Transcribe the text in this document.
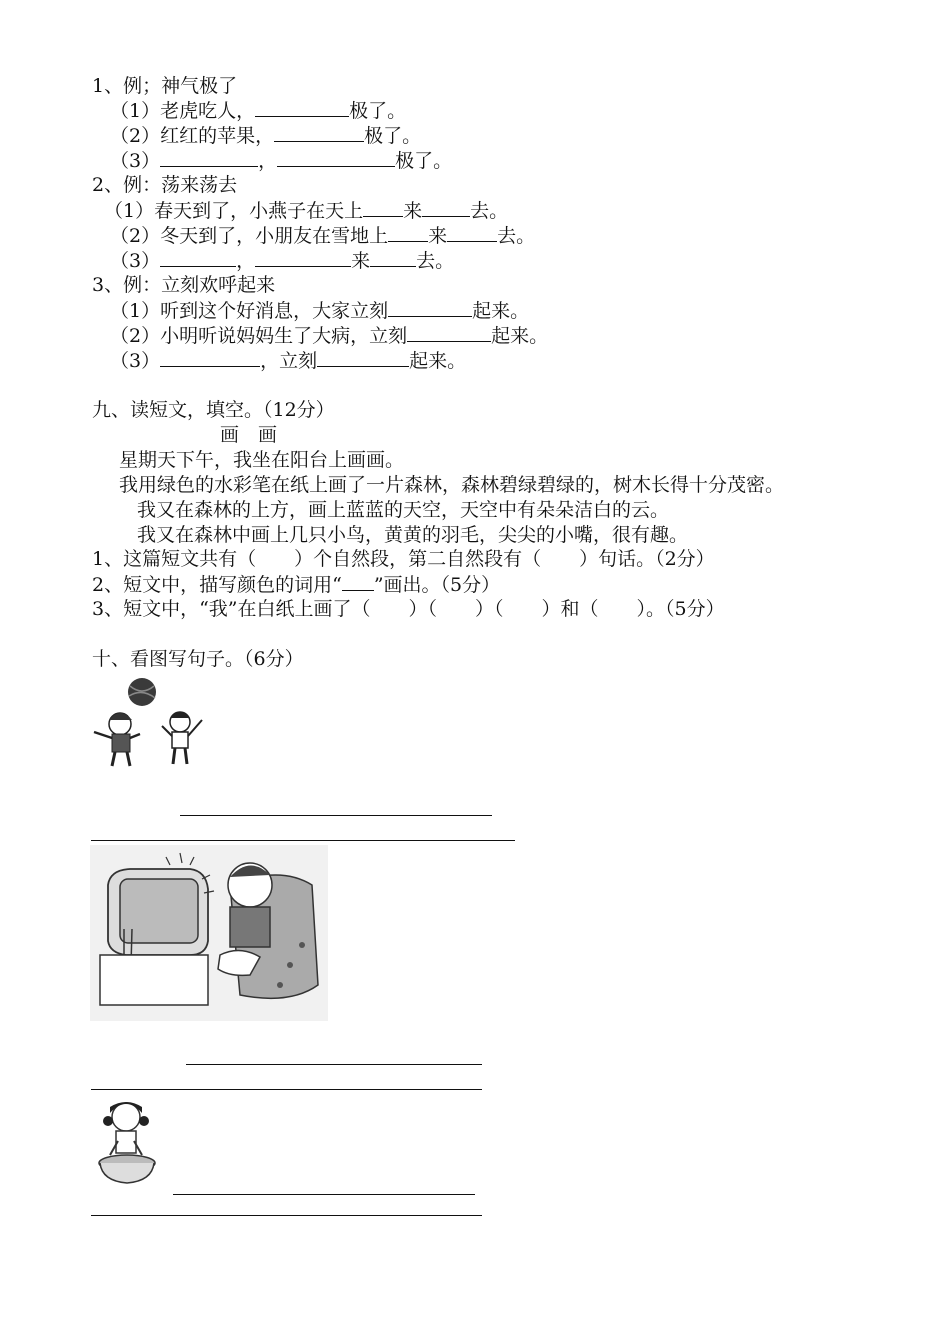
1、例；神气极了
（1）老虎吃人，	极了。
（2）红红的苹果，	极了。
（3）	，	极了。
2、例：荡来荡去
（1）春天到了，小燕子在天上 来	去。
（2）冬天到了，小朋友在雪地上 来	去。
（3）	，	来 去。
3、例：立刻欢呼起来
（1）听到这个好消息，大家立刻	起来。
（2）小明听说妈妈生了大病，立刻	起来。
（3）	，立刻	起来。
九、读短文，填空。（12分）
画　画
星期天下午，我坐在阳台上画画。
我用绿色的水彩笔在纸上画了一片森林，森林碧绿碧绿的，树木长得十分茂密。
我又在森林的上方，画上蓝蓝的天空，天空中有朵朵洁白的云。
我又在森林中画上几只小鸟，黄黄的羽毛，尖尖的小嘴，很有趣。
1、这篇短文共有（　　）个自然段，第二自然段有（　　）句话。（2分）
2、短文中，描写颜色的词用“ ”画出。（5分）
3、短文中，“我”在白纸上画了（　　）（　　）（　　）和（　　）。（5分）
十、看图写句子。（6分）
